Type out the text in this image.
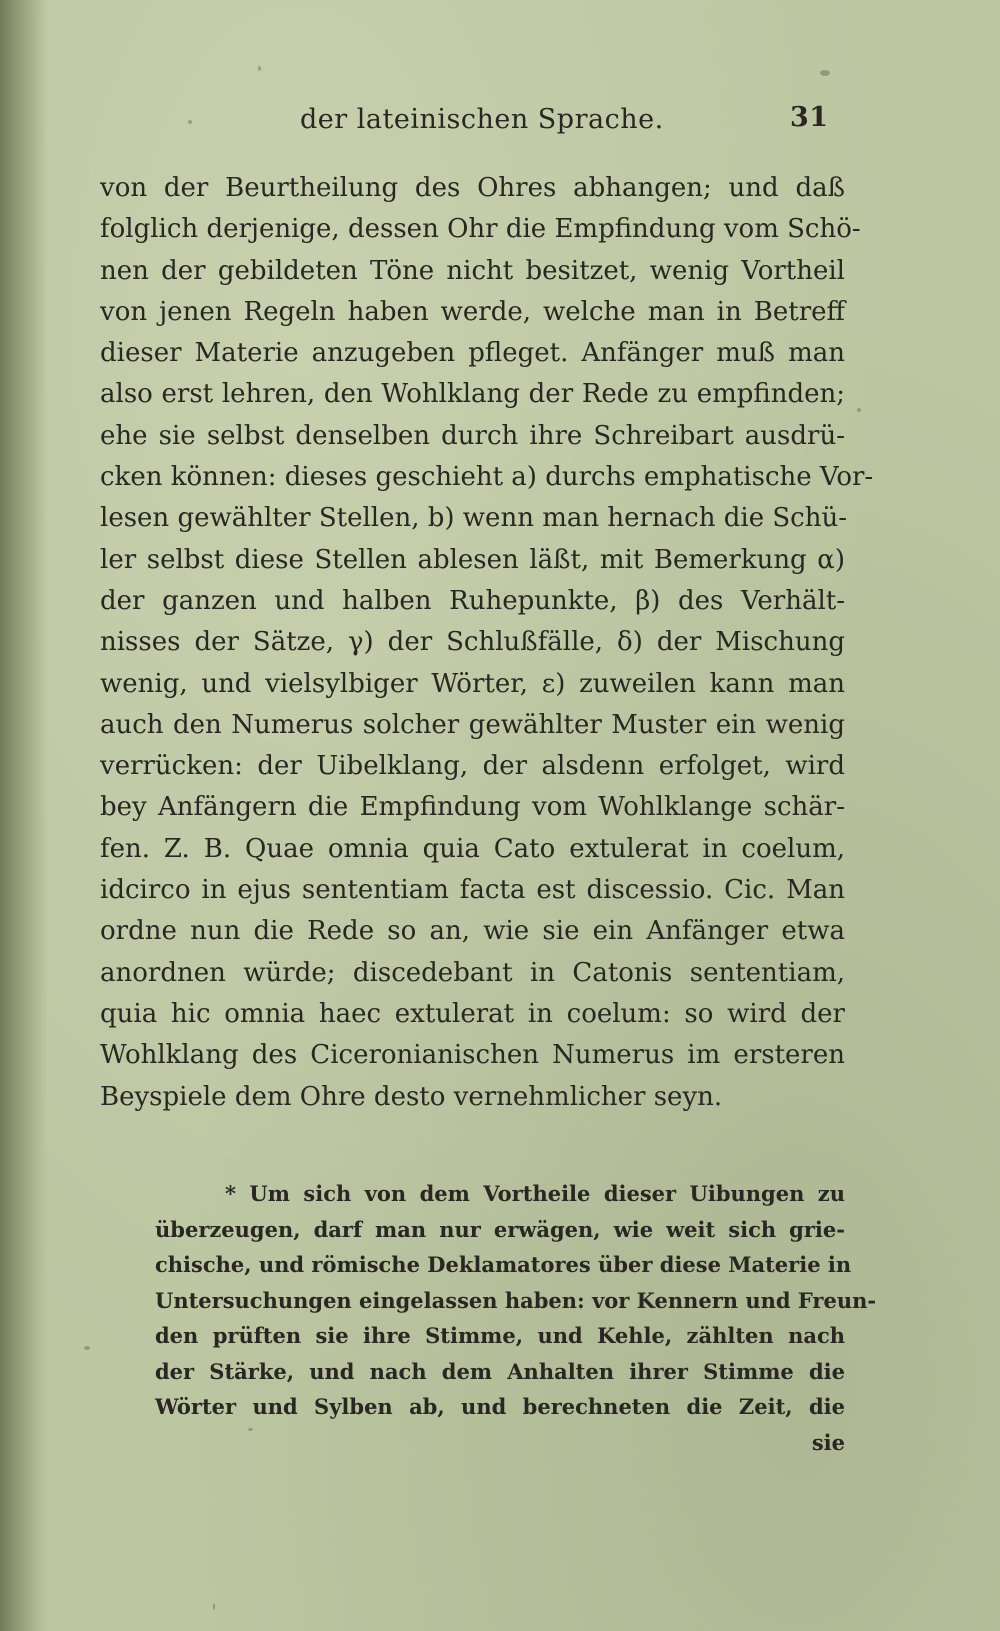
der lateinischen Sprache.	31
von der Beurtheilung des Ohres abhangen; und daß
folglich derjenige, dessen Ohr die Empfindung vom Schö-
nen der gebildeten Töne nicht besitzet, wenig Vortheil
von jenen Regeln haben werde, welche man in Betreff
dieser Materie anzugeben pfleget. Anfänger muß man
also erst lehren, den Wohlklang der Rede zu empfinden;
ehe sie selbst denselben durch ihre Schreibart ausdrü-
cken können: dieses geschieht a) durchs emphatische Vor-
lesen gewählter Stellen, b) wenn man hernach die Schü-
ler selbst diese Stellen ablesen läßt, mit Bemerkung α)
der ganzen und halben Ruhepunkte, β) des Verhält-
nisses der Sätze, γ) der Schlußfälle, δ) der Mischung
wenig, und vielsylbiger Wörter, ε) zuweilen kann man
auch den Numerus solcher gewählter Muster ein wenig
verrücken: der Uibelklang, der alsdenn erfolget, wird
bey Anfängern die Empfindung vom Wohlklange schär-
fen. Z. B. Quae omnia quia Cato extulerat in coelum,
idcirco in ejus sententiam facta est discessio. Cic. Man
ordne nun die Rede so an, wie sie ein Anfänger etwa
anordnen würde; discedebant in Catonis sententiam,
quia hic omnia haec extulerat in coelum: so wird der
Wohlklang des Ciceronianischen Numerus im ersteren
Beyspiele dem Ohre desto vernehmlicher seyn.
* Um sich von dem Vortheile dieser Uibungen zu
überzeugen, darf man nur erwägen, wie weit sich grie-
chische, und römische Deklamatores über diese Materie in
Untersuchungen eingelassen haben: vor Kennern und Freun-
den prüften sie ihre Stimme, und Kehle, zählten nach
der Stärke, und nach dem Anhalten ihrer Stimme die
Wörter und Sylben ab, und berechneten die Zeit, die
sie
